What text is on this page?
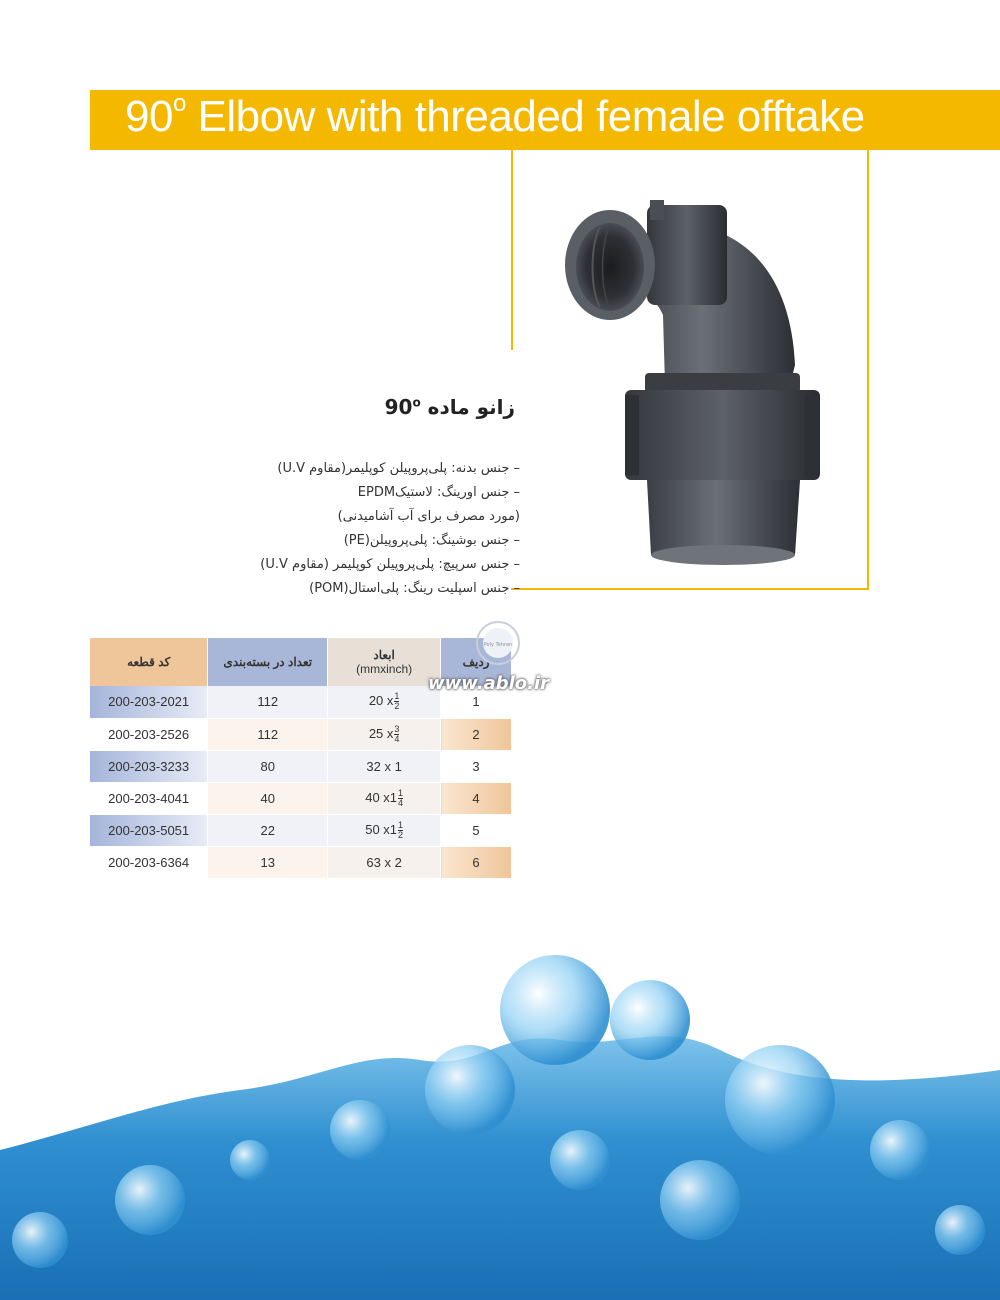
90$^o$ Elbow with threaded female offtake
زانو ماده 90$^o$
– جنس بدنه: پلی‌پروپیلن کوپلیمر(مقاوم U.V)
– جنس اورینگ: لاستیکEPDM
(مورد مصرف برای آب آشامیدنی)
– جنس بوشینگ: پلی‌پروپیلن(PE)
– جنس سرپیچ: پلی‌پروپیلن کوپلیمر (مقاوم U.V)
– جنس اسپلیت رینگ: پلی‌استال(POM)
کد قطعه	تعداد در بسته‌بندی	ابعاد
(mmxinch)	ردیف
200-203-2021	112	20 x $\frac{1}{2}$	1
200-203-2526	112	25 x $\frac{3}{4}$	2
200-203-3233	80	32 x 1	3
200-203-4041	40	40 $x1 \frac{1}{4}$	4
200-203-5051	22	50 $x1 \frac{1}{2}$	5
200-203-6364	13	63 x 2	6
Poly Tehran
www.ablo.ir
